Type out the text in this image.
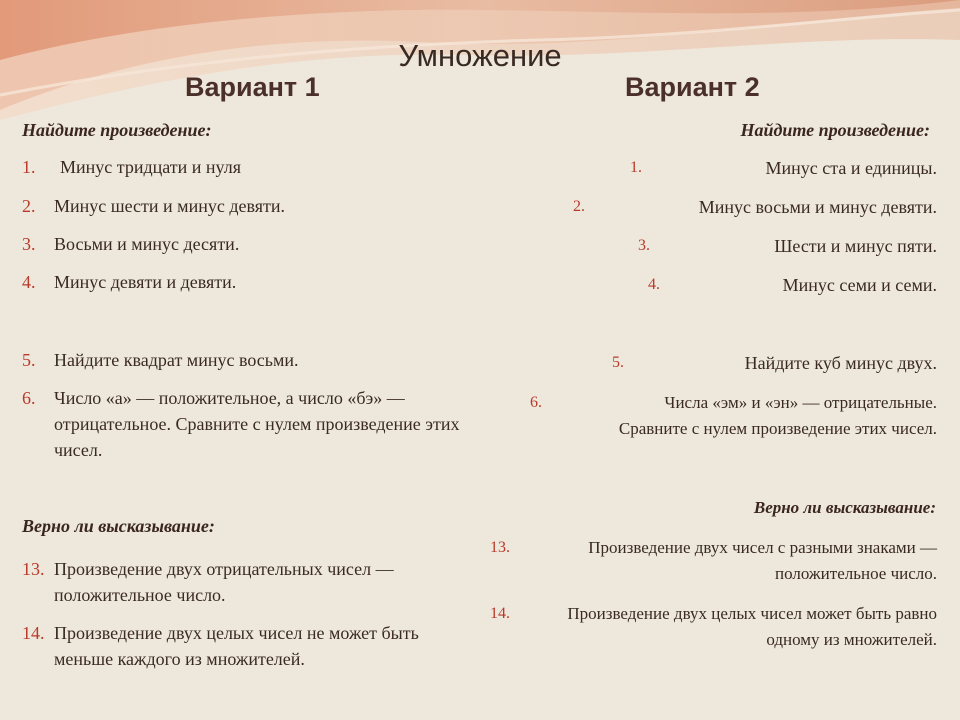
Умножение
Вариант 1	Вариант 2
Найдите произведение:
1. Минус тридцати и нуля
2. Минус шести и минус девяти.
3. Восьми и минус десяти.
4. Минус девяти и девяти.
5. Найдите квадрат минус восьми.
6. Число «а» — положительное, а число «бэ» — отрицательное. Сравните с нулем произведение этих чисел.
Верно ли высказывание:
13. Произведение двух отрицательных чисел — положительное число.
14. Произведение двух целых чисел не может быть меньше каждого из множителей.
Найдите произведение:
1.	Минус ста и единицы.
2.	Минус восьми и минус девяти.
3.	Шести и минус пяти.
4.	Минус семи и семи.
5.	Найдите куб минус двух.
6.	Числа «эм» и «эн» — отрицательные. Сравните с нулем произведение этих чисел.
Верно ли высказывание:
13.	Произведение двух чисел с разными знаками — положительное число.
14.	Произведение двух целых чисел может быть равно одному из множителей.
